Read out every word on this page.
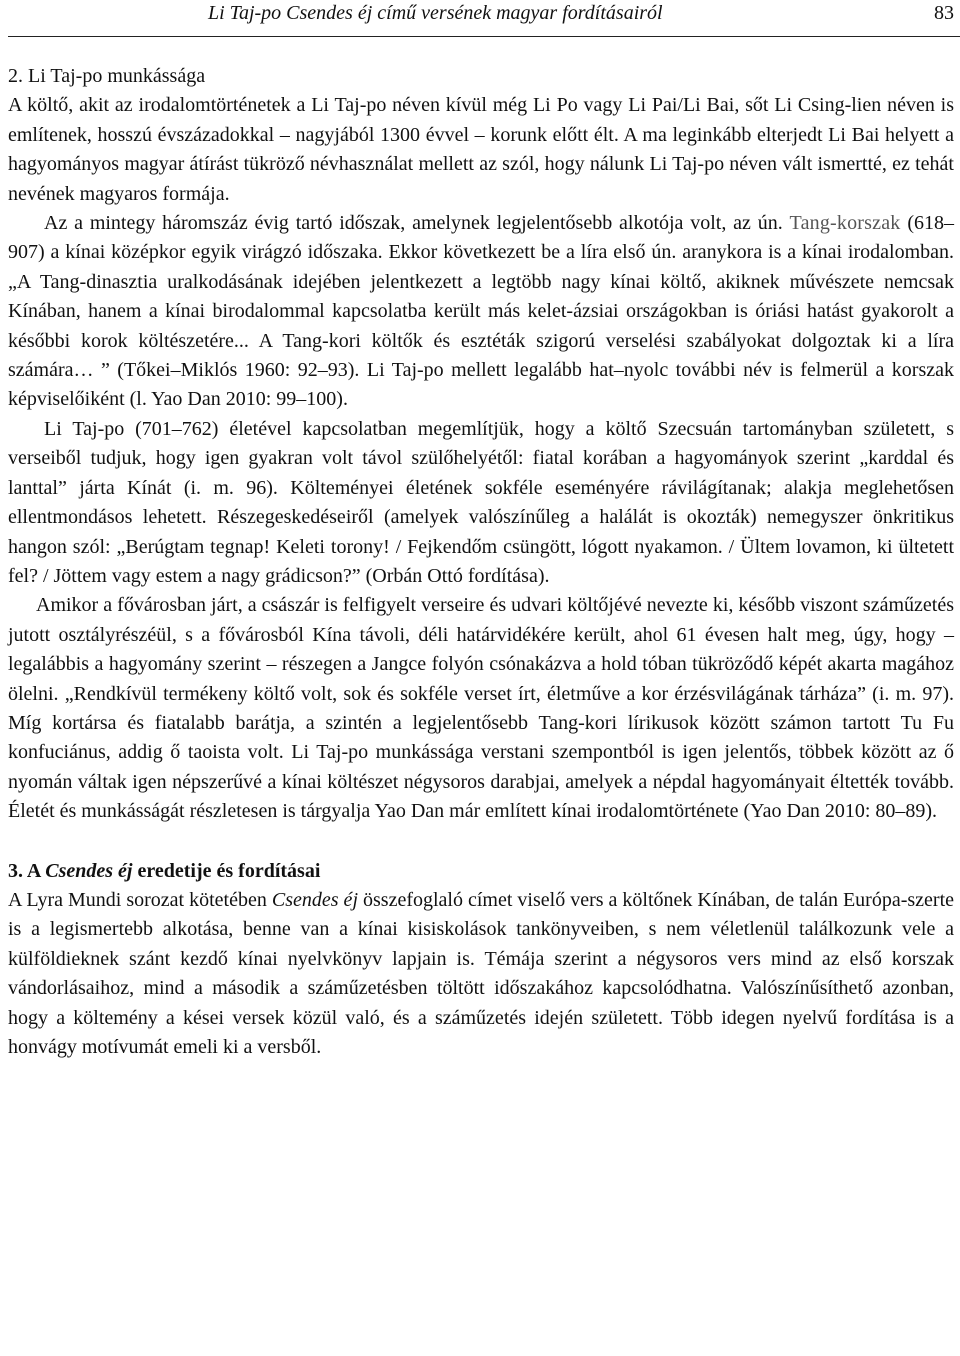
Li Taj-po Csendes éj című versének magyar fordításairól	83
2. Li Taj-po munkássága

A költő, akit az irodalomtörténetek a Li Taj-po néven kívül még Li Po vagy Li Pai/Li Bai, sőt Li Csing-lien néven is említenek, hosszú évszázadokkal – nagyjából 1300 évvel – korunk előtt élt. A ma leginkább elterjedt Li Bai helyett a hagyományos magyar átírást tükröző névhasználat mellett az szól, hogy nálunk Li Taj-po néven vált ismertté, ez tehát nevének magyaros formája.

Az a mintegy háromszáz évig tartó időszak, amelynek legjelentősebb alkotója volt, az ún. Tang-korszak (618–907) a kínai középkor egyik virágzó időszaka. Ekkor következett be a líra első ún. aranykora is a kínai irodalomban. „A Tang-dinasztia uralkodásának idejében jelentkezett a legtöbb nagy kínai költő, akiknek művészete nemcsak Kínában, hanem a kínai birodalommal kapcsolatba került más kelet-ázsiai országokban is óriási hatást gyakorolt a későbbi korok költészetére... A Tang-kori költők és esztéták szigorú verselési szabályokat dolgoztak ki a líra számára… ” (Tőkei–Miklós 1960: 92–93). Li Taj-po mellett legalább hat–nyolc további név is felmerül a korszak képviselőiként (l. Yao Dan 2010: 99–100).

Li Taj-po (701–762) életével kapcsolatban megemlítjük, hogy a költő Szecsuán tartományban született, s verseiből tudjuk, hogy igen gyakran volt távol szülőhelyétől: fiatal korában a hagyományok szerint „karddal és lanttal” járta Kínát (i. m. 96). Költeményei életének sokféle eseményére rávilágítanak; alakja meglehetősen ellentmondásos lehetett. Részegeskedéseiről (amelyek valószínűleg a halálát is okozták) nemegyszer önkritikus hangon szól: „Berúgtam tegnap! Keleti torony! / Fejkendőm csüngött, lógott nyakamon. / Ültem lovamon, ki ültetett fel? / Jöttem vagy estem a nagy grádicson?” (Orbán Ottó fordítása).

Amikor a fővárosban járt, a császár is felfigyelt verseire és udvari költőjévé nevezte ki, később viszont száműzetés jutott osztályrészéül, s a fővárosból Kína távoli, déli határvidékére került, ahol 61 évesen halt meg, úgy, hogy – legalábbis a hagyomány szerint – részegen a Jangce folyón csónakázva a hold tóban tükröződő képét akarta magához ölelni. „Rendkívül termékeny költő volt, sok és sokféle verset írt, életműve a kor érzésvilágának tárháza” (i. m. 97). Míg kortársa és fiatalabb barátja, a szintén a legjelentősebb Tang-kori lírikusok között számon tartott Tu Fu konfuciánus, addig ő taoista volt. Li Taj-po munkássága verstani szempontból is igen jelentős, többek között az ő nyomán váltak igen népszerűvé a kínai költészet négysoros darabjai, amelyek a népdal hagyományait éltették tovább. Életét és munkásságát részletesen is tárgyalja Yao Dan már említett kínai irodalomtörténete (Yao Dan 2010: 80–89).

3. A Csendes éj eredetije és fordításai

A Lyra Mundi sorozat kötetében Csendes éj összefoglaló címet viselő vers a költőnek Kínában, de talán Európa-szerte is a legismertebb alkotása, benne van a kínai kisiskolások tankönyveiben, s nem véletlenül találkozunk vele a külföldieknek szánt kezdő kínai nyelvkönyv lapjain is. Témája szerint a négysoros vers mind az első korszak vándorlásaihoz, mind a második a száműzetésben töltött időszakához kapcsolódhatna. Valószínűsíthető azonban, hogy a költemény a kései versek közül való, és a száműzetés idején született. Több idegen nyelvű fordítása is a honvágy motívumát emeli ki a versből.
